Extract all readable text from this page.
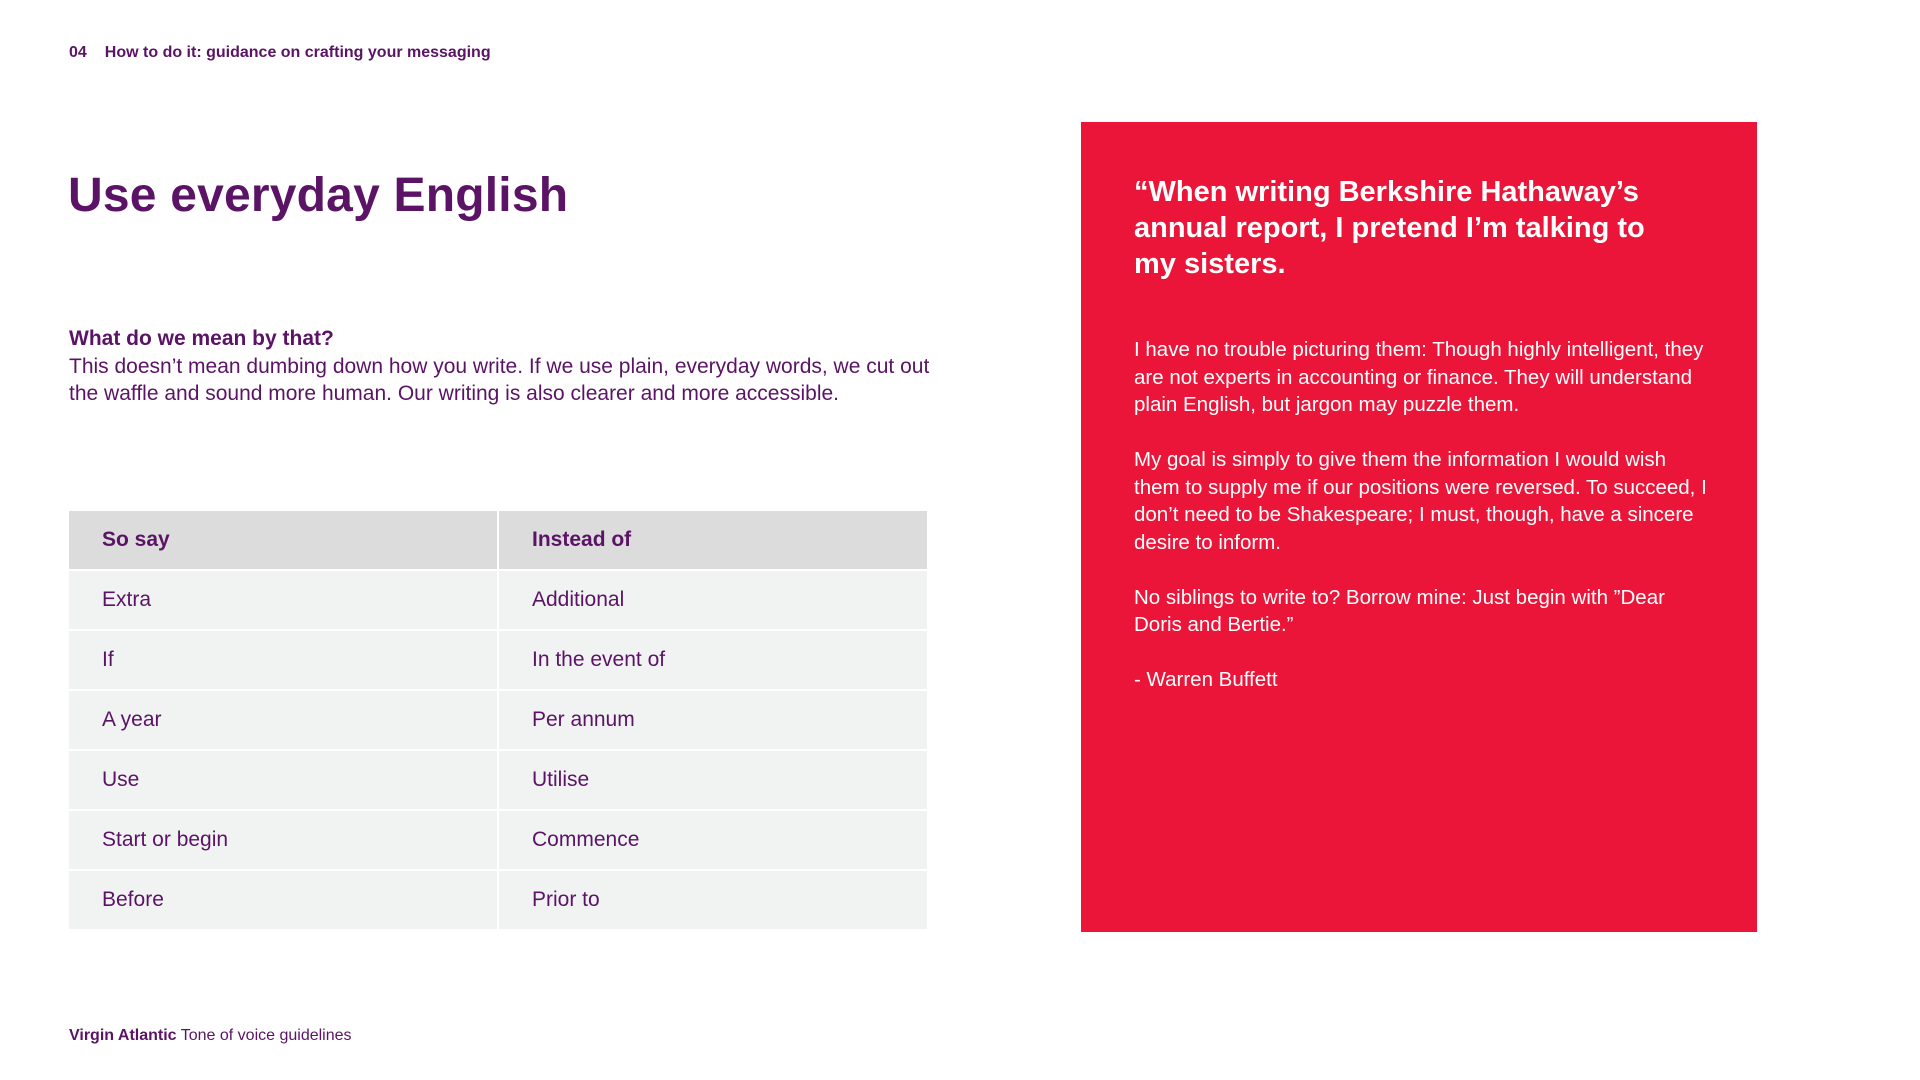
04 How to do it: guidance on crafting your messaging
Use everyday English
What do we mean by that?
This doesn’t mean dumbing down how you write. If we use plain, everyday words, we cut out the waffle and sound more human. Our writing is also clearer and more accessible.
So say	Instead of
Extra	Additional
If	In the event of
A year	Per annum
Use	Utilise
Start or begin	Commence
Before	Prior to
“When writing Berkshire Hathaway’s annual report, I pretend I’m talking to my sisters.

I have no trouble picturing them: Though highly intelligent, they are not experts in accounting or finance. They will understand plain English, but jargon may puzzle them.

My goal is simply to give them the information I would wish them to supply me if our positions were reversed. To succeed, I don’t need to be Shakespeare; I must, though, have a sincere desire to inform.

No siblings to write to? Borrow mine: Just begin with ”Dear Doris and Bertie.”

- Warren Buffett

Virgin Atlantic Tone of voice guidelines
